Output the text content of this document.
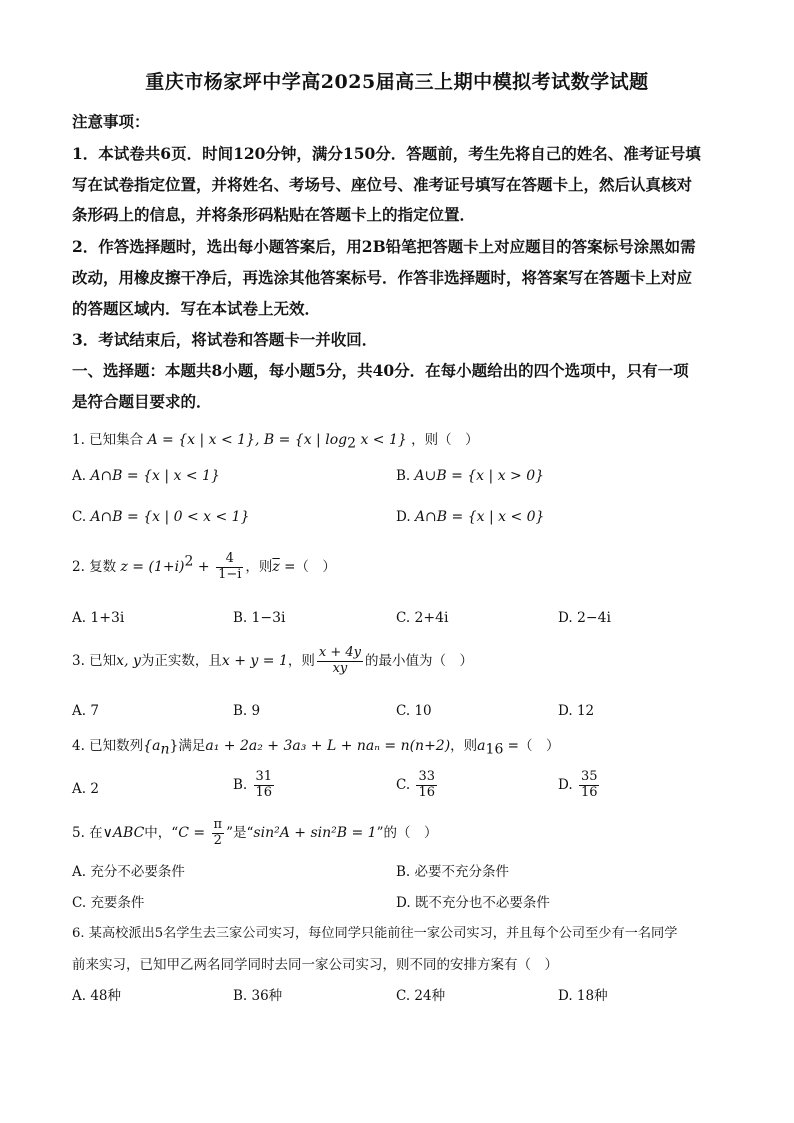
重庆市杨家坪中学高2025届高三上期中模拟考试数学试题
注意事项：
1．本试卷共6页．时间120分钟，满分150分．答题前，考生先将自己的姓名、准考证号填
写在试卷指定位置，并将姓名、考场号、座位号、准考证号填写在答题卡上，然后认真核对
条形码上的信息，并将条形码粘贴在答题卡上的指定位置．
2．作答选择题时，选出每小题答案后，用2B铅笔把答题卡上对应题目的答案标号涂黑如需
改动，用橡皮擦干净后，再选涂其他答案标号．作答非选择题时，将答案写在答题卡上对应
的答题区域内．写在本试卷上无效．
3．考试结束后，将试卷和答题卡一并收回．
一、选择题：本题共8小题，每小题5分，共40分．在每小题给出的四个选项中，只有一项
是符合题目要求的．
1. 已知集合 A = {x | x < 1}, B = {x | $\log_2 x < 1$} ，则（　）
A. A∩B = {x | x < 1}	B. A∪B = {x | x > 0}
C. A∩B = {x | 0 < x < 1}	D. A∩B = {x | x < 0}
2. 复数 $z = (1+i)^2 + \frac{4}{1-i}$ ，则$\overline{z}$ =（　）
A. 1+3i	B. 1−3i	C. 2+4i	D. 2−4i
3. 已知x, y为正实数，且x + y = 1，则 $\frac{x + 4y}{xy}$ 的最小值为（　）
A. 7	B. 9	C. 10	D. 12
4. 已知数列$\{a_n\}$满足a₁ + 2a₂ + 3a₃ + L + naₙ = n(n+2)，则$a_{16}$ =（　）
A. 2	B. $\frac{31}{16}$	C. $\frac{33}{16}$	D. $\frac{35}{16}$
5. 在∨ABC中，“$C = \frac{\pi}{2}$ ”是“sin²A + sin²B = 1”的（　）
A. 充分不必要条件	B. 必要不充分条件
C. 充要条件	D. 既不充分也不必要条件
6. 某高校派出5名学生去三家公司实习，每位同学只能前往一家公司实习，并且每个公司至少有一名同学
前来实习，已知甲乙两名同学同时去同一家公司实习，则不同的安排方案有（　）
A. 48种	B. 36种	C. 24种	D. 18种
